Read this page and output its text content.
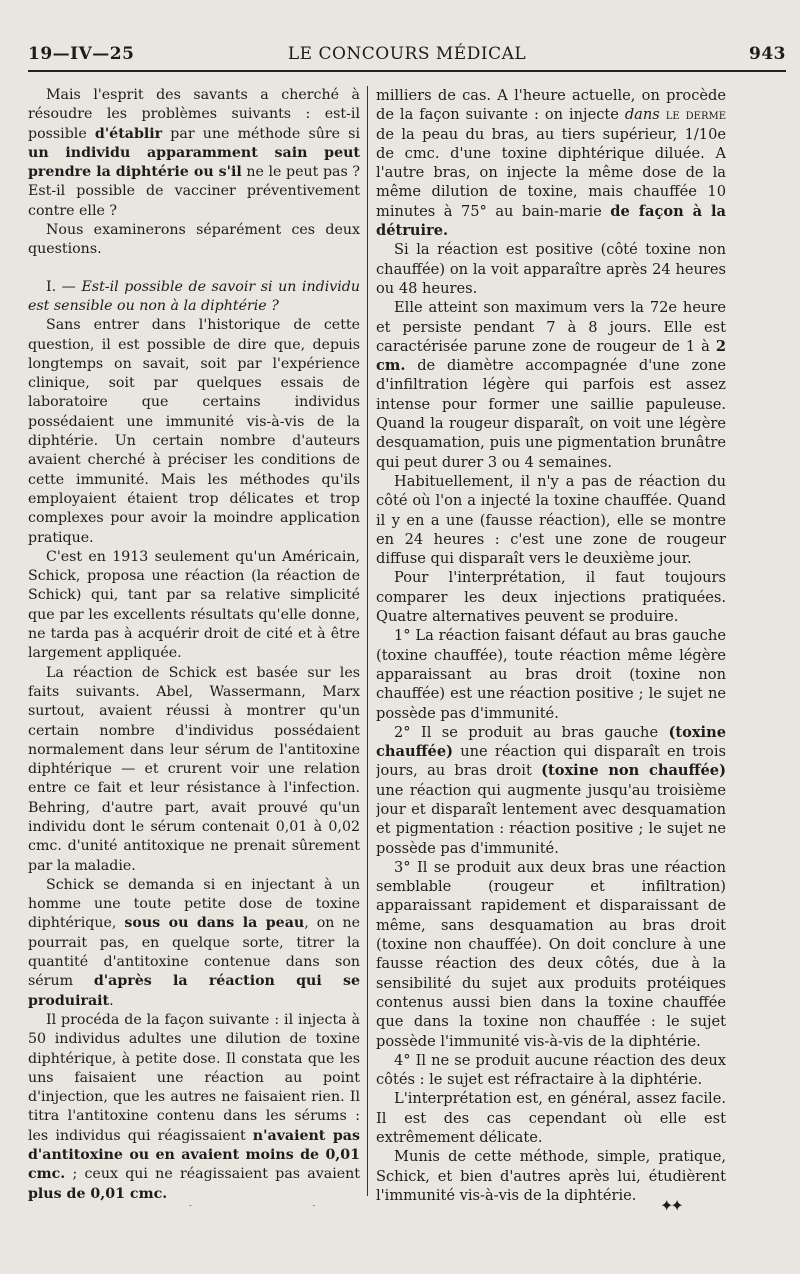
19—IV—25	LE CONCOURS MÉDICAL	943

Mais l'esprit des savants a cherché à résoudre les problèmes suivants : est-il possible d'établir par une méthode sûre si un individu apparamment sain peut prendre la diphtérie ou s'il ne le peut pas ? Est-il possible de vacciner préventivement contre elle ?

Nous examinerons séparément ces deux questions.

I. — Est-il possible de savoir si un individu est sensible ou non à la diphtérie ?

Sans entrer dans l'historique de cette question, il est possible de dire que, depuis longtemps on savait, soit par l'expérience clinique, soit par quelques essais de laboratoire que certains individus possédaient une immunité vis-à-vis de la diphtérie. Un certain nombre d'auteurs avaient cherché à préciser les conditions de cette immunité. Mais les méthodes qu'ils employaient étaient trop délicates et trop complexes pour avoir la moindre application pratique.

C'est en 1913 seulement qu'un Américain, Schick, proposa une réaction (la réaction de Schick) qui, tant par sa relative simplicité que par les excellents résultats qu'elle donne, ne tarda pas à acquérir droit de cité et à être largement appliquée.

La réaction de Schick est basée sur les faits suivants. Abel, Wassermann, Marx surtout, avaient réussi à montrer qu'un certain nombre d'individus possédaient normalement dans leur sérum de l'antitoxine diphtérique — et crurent voir une relation entre ce fait et leur résistance à l'infection. Behring, d'autre part, avait prouvé qu'un individu dont le sérum contenait 0,01 à 0,02 cmc. d'unité antitoxique ne prenait sûrement par la maladie.

Schick se demanda si en injectant à un homme une toute petite dose de toxine diphtérique, sous ou dans la peau, on ne pourrait pas, en quelque sorte, titrer la quantité d'antitoxine contenue dans son sérum d'après la réaction qui se produirait.

Il procéda de la façon suivante : il injecta à 50 individus adultes une dilution de toxine diphtérique, à petite dose. Il constata que les uns faisaient une réaction au point d'injection, que les autres ne faisaient rien. Il titra l'antitoxine contenu dans les sérums : les individus qui réagissaient n'avaient pas d'antitoxine ou en avaient moins de 0,01 cmc. ; ceux qui ne réagissaient pas avaient plus de 0,01 cmc.

milliers de cas. A l'heure actuelle, on procède de la façon suivante : on injecte dans le derme de la peau du bras, au tiers supérieur, 1/10e de cmc. d'une toxine diphtérique diluée. A l'autre bras, on injecte la même dose de la même dilution de toxine, mais chauffée 10 minutes à 75° au bain-marie de façon à la détruire.

Si la réaction est positive (côté toxine non chauffée) on la voit apparaître après 24 heures ou 48 heures.

Elle atteint son maximum vers la 72e heure et persiste pendant 7 à 8 jours. Elle est caractérisée parune zone de rougeur de 1 à 2 cm. de diamètre accompagnée d'une zone d'infiltration légère qui parfois est assez intense pour former une saillie papuleuse. Quand la rougeur disparaît, on voit une légère desquamation, puis une pigmentation brunâtre qui peut durer 3 ou 4 semaines.

Habituellement, il n'y a pas de réaction du côté où l'on a injecté la toxine chauffée. Quand il y en a une (fausse réaction), elle se montre en 24 heures : c'est une zone de rougeur diffuse qui disparaît vers le deuxième jour.

Pour l'interprétation, il faut toujours comparer les deux injections pratiquées. Quatre alternatives peuvent se produire.

1° La réaction faisant défaut au bras gauche (toxine chauffée), toute réaction même légère apparaissant au bras droit (toxine non chauffée) est une réaction positive ; le sujet ne possède pas d'immunité.

2° Il se produit au bras gauche (toxine chauffée) une réaction qui disparaît en trois jours, au bras droit (toxine non chauffée) une réaction qui augmente jusqu'au troisième jour et disparaît lentement avec desquamation et pigmentation : réaction positive ; le sujet ne possède pas d'immunité.

3° Il se produit aux deux bras une réaction semblable (rougeur et infiltration) apparaissant rapidement et disparaissant de même, sans desquamation au bras droit (toxine non chauffée). On doit conclure à une fausse réaction des deux côtés, due à la sensibilité du sujet aux produits protéiques contenus aussi bien dans la toxine chauffée que dans la toxine non chauffée : le sujet possède l'immunité vis-à-vis de la diphtérie.

4° Il ne se produit aucune réaction des deux côtés : le sujet est réfractaire à la diphtérie.

L'interprétation est, en général, assez facile. Il est des cas cependant où elle est extrêmement délicate.

Munis de cette méthode, simple, pratique, Schick, et bien d'autres après lui, étudièrent l'immunité vis-à-vis de la diphtérie.

✦✦
